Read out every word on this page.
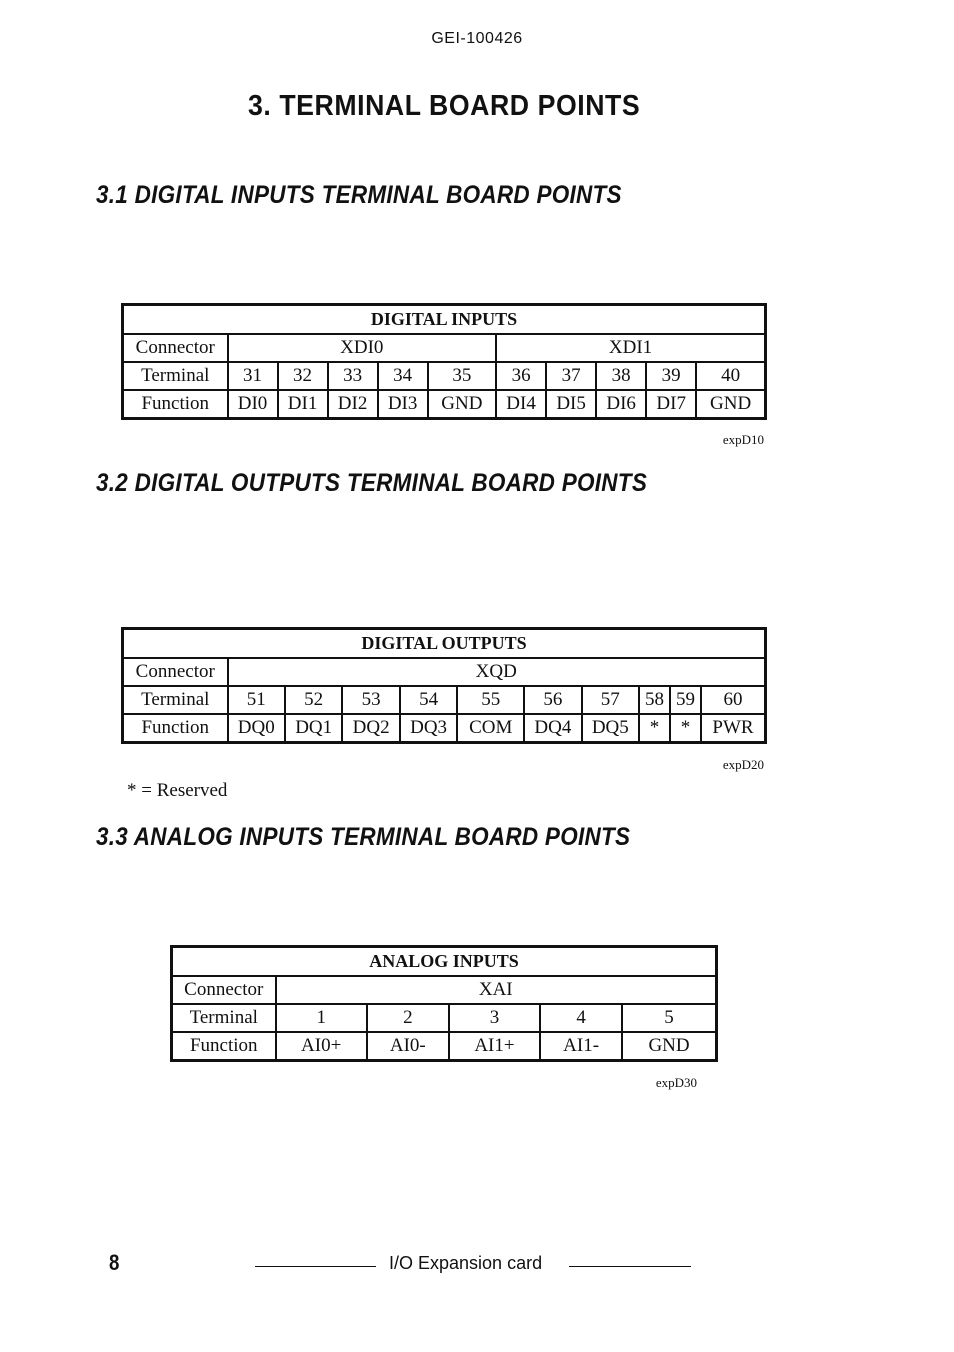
GEI-100426
3. TERMINAL BOARD POINTS
3.1 DIGITAL INPUTS TERMINAL BOARD POINTS
DIGITAL INPUTS										
Connector	XDI0					XDI1				
Terminal	31	32	33	34	35	36	37	38	39	40
Function	DI0	DI1	DI2	DI3	GND	DI4	DI5	DI6	DI7	GND
expD10
3.2 DIGITAL OUTPUTS TERMINAL BOARD POINTS
DIGITAL OUTPUTS										
Connector	XQD									
Terminal	51	52	53	54	55	56	57	58	59	60
Function	DQ0	DQ1	DQ2	DQ3	COM	DQ4	DQ5	*	*	PWR
expD20
* = Reserved
3.3 ANALOG INPUTS TERMINAL BOARD POINTS
ANALOG INPUTS					
Connector	XAI				
Terminal	1	2	3	4	5
Function	AI0+	AI0-	AI1+	AI1-	GND
expD30
8	I/O Expansion card
